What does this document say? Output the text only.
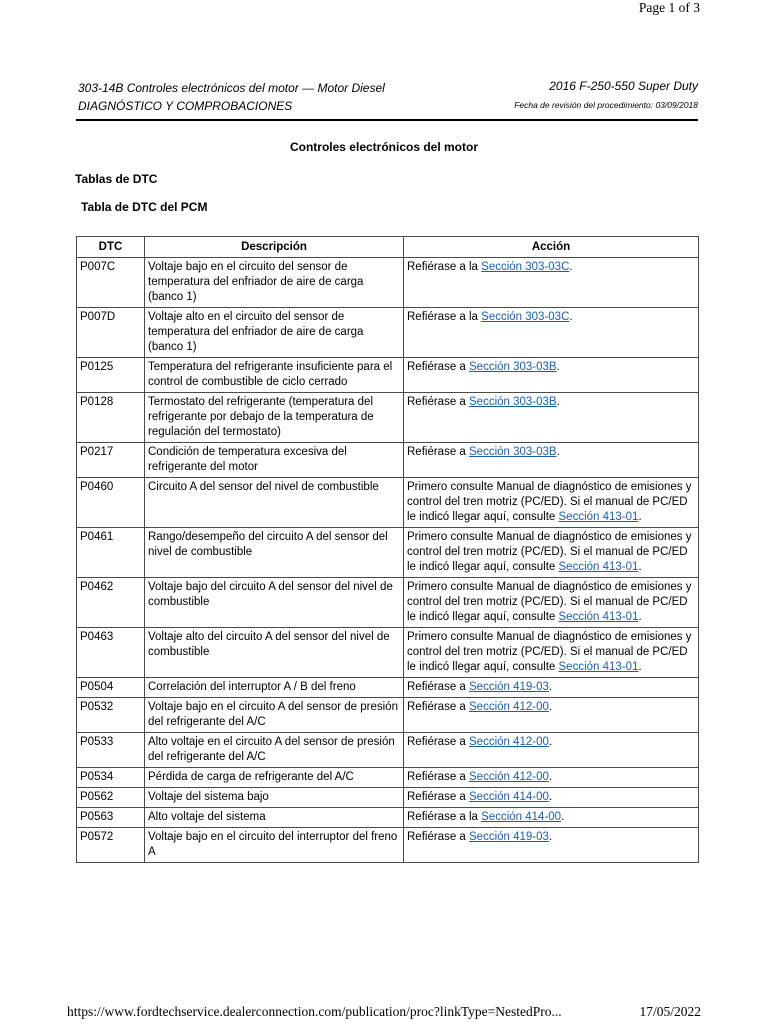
Page 1 of 3
303-14B Controles electrónicos del motor — Motor Diesel
DIAGNÓSTICO Y COMPROBACIONES
2016 F-250-550 Super Duty
Fecha de revisión del procedimiento: 03/09/2018
Controles electrónicos del motor
Tablas de DTC
Tabla de DTC del PCM
DTC	Descripción	Acción
P007C	Voltaje bajo en el circuito del sensor de temperatura del enfriador de aire de carga (banco 1)	Refiérase a la Sección 303-03C.
P007D	Voltaje alto en el circuito del sensor de temperatura del enfriador de aire de carga (banco 1)	Refiérase a la Sección 303-03C.
P0125	Temperatura del refrigerante insuficiente para el control de combustible de ciclo cerrado	Refiérase a Sección 303-03B.
P0128	Termostato del refrigerante (temperatura del refrigerante por debajo de la temperatura de regulación del termostato)	Refiérase a Sección 303-03B.
P0217	Condición de temperatura excesiva del refrigerante del motor	Refiérase a Sección 303-03B.
P0460	Circuito A del sensor del nivel de combustible	Primero consulte Manual de diagnóstico de emisiones y control del tren motriz (PC/ED). Si el manual de PC/ED le indicó llegar aquí, consulte Sección 413-01.
P0461	Rango/desempeño del circuito A del sensor del nivel de combustible	Primero consulte Manual de diagnóstico de emisiones y control del tren motriz (PC/ED). Si el manual de PC/ED le indicó llegar aquí, consulte Sección 413-01.
P0462	Voltaje bajo del circuito A del sensor del nivel de combustible	Primero consulte Manual de diagnóstico de emisiones y control del tren motriz (PC/ED). Si el manual de PC/ED le indicó llegar aquí, consulte Sección 413-01.
P0463	Voltaje alto del circuito A del sensor del nivel de combustible	Primero consulte Manual de diagnóstico de emisiones y control del tren motriz (PC/ED). Si el manual de PC/ED le indicó llegar aquí, consulte Sección 413-01.
P0504	Correlación del interruptor A / B del freno	Refiérase a Sección 419-03.
P0532	Voltaje bajo en el circuito A del sensor de presión del refrigerante del A/C	Refiérase a Sección 412-00.
P0533	Alto voltaje en el circuito A del sensor de presión del refrigerante del A/C	Refiérase a Sección 412-00.
P0534	Pérdida de carga de refrigerante del A/C	Refiérase a Sección 412-00.
P0562	Voltaje del sistema bajo	Refiérase a Sección 414-00.
P0563	Alto voltaje del sistema	Refiérase a la Sección 414-00.
P0572	Voltaje bajo en el circuito del interruptor del freno A	Refiérase a Sección 419-03.
https://www.fordtechservice.dealerconnection.com/publication/proc?linkType=NestedPro...	17/05/2022
